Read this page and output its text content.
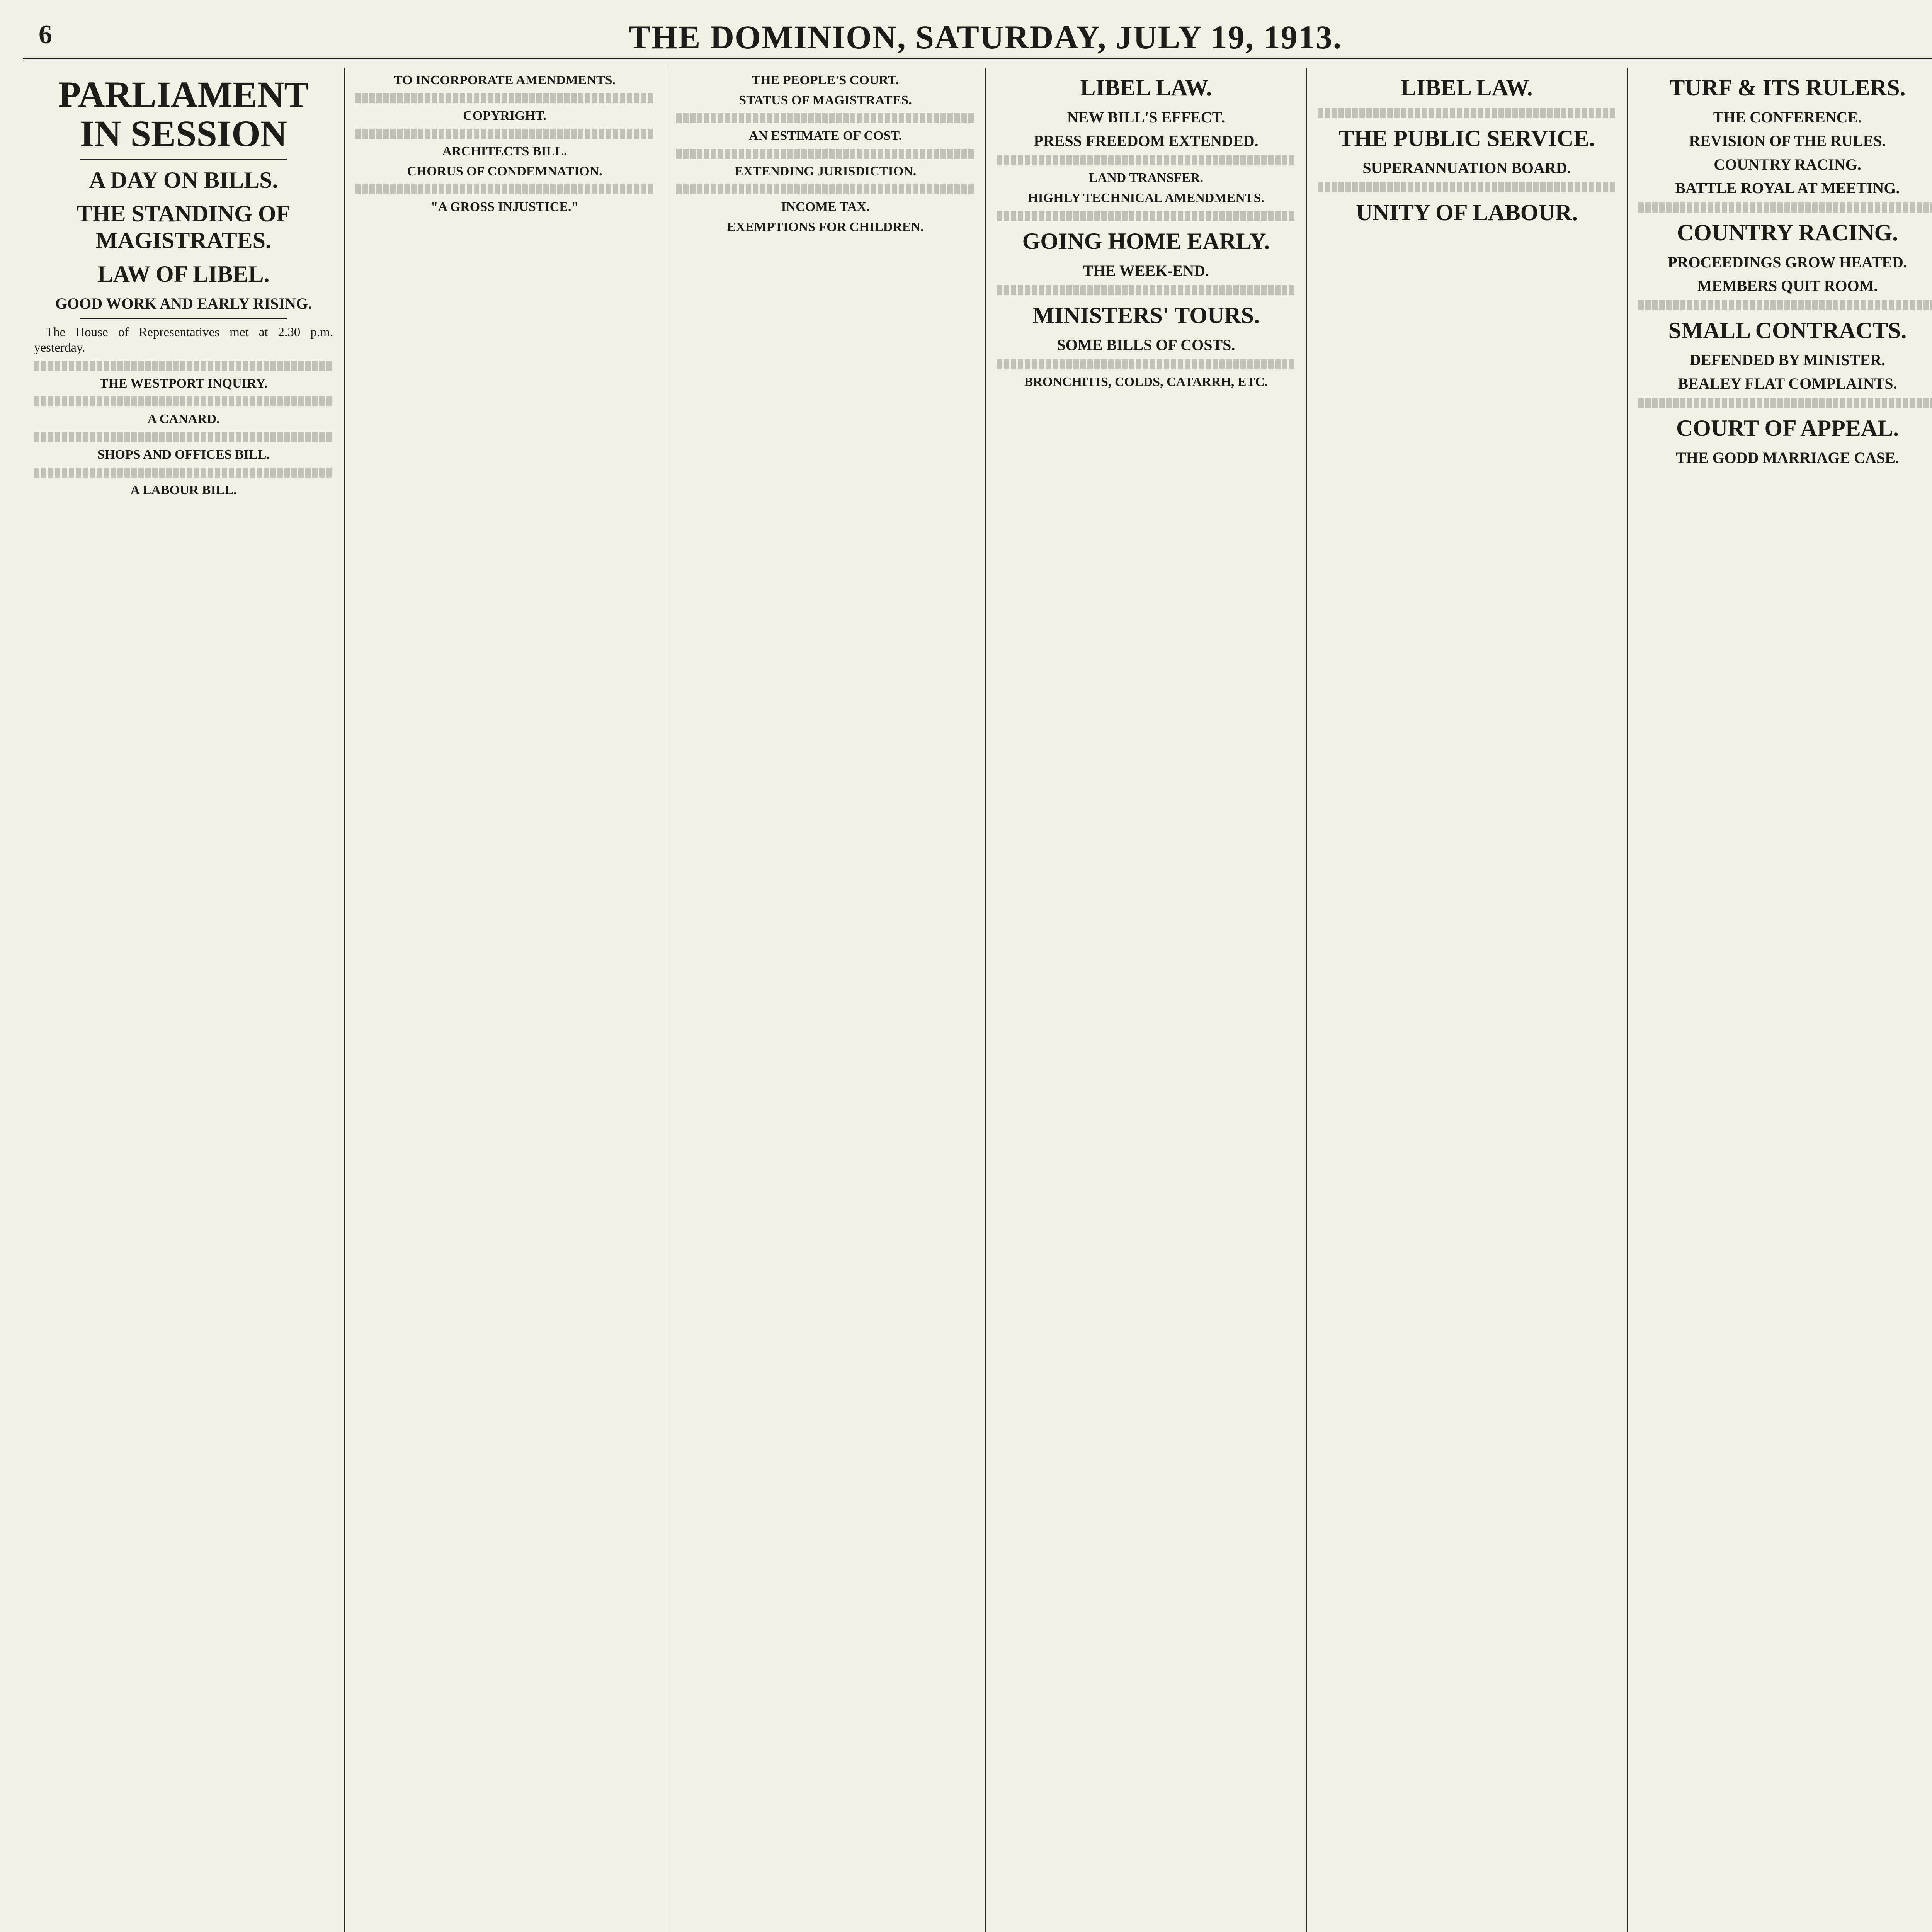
6	THE DOMINION, SATURDAY, JULY 19, 1913.
PARLIAMENT IN SESSION
A DAY ON BILLS.
THE STANDING OF MAGISTRATES.
LAW OF LIBEL.
GOOD WORK AND EARLY RISING.

The House of Representatives met at 2.30 p.m. yesterday.

THE WESTPORT INQUIRY.
A CANARD.
SHOPS AND OFFICES BILL.
A LABOUR BILL.
TO INCORPORATE AMENDMENTS.
COPYRIGHT.
ARCHITECTS BILL.
CHORUS OF CONDEMNATION.
"A GROSS INJUSTICE."
THE PEOPLE'S COURT.
STATUS OF MAGISTRATES.
AN ESTIMATE OF COST.
EXTENDING JURISDICTION.
INCOME TAX.
EXEMPTIONS FOR CHILDREN.
LIBEL LAW.
NEW BILL'S EFFECT.
PRESS FREEDOM EXTENDED.
LAND TRANSFER.
HIGHLY TECHNICAL AMENDMENTS.
GOING HOME EARLY.
THE WEEK-END.
MINISTERS' TOURS.
SOME BILLS OF COSTS.
BRONCHITIS, COLDS, CATARRH, ETC.
LIBEL LAW.
THE PUBLIC SERVICE.
SUPERANNUATION BOARD.
UNITY OF LABOUR.
TURF & ITS RULERS.
THE CONFERENCE.
REVISION OF THE RULES.
COUNTRY RACING.
BATTLE ROYAL AT MEETING.
COUNTRY RACING.
PROCEEDINGS GROW HEATED.
MEMBERS QUIT ROOM.
SMALL CONTRACTS.
DEFENDED BY MINISTER.
BEALEY FLAT COMPLAINTS.
COURT OF APPEAL.
THE GODD MARRIAGE CASE.
